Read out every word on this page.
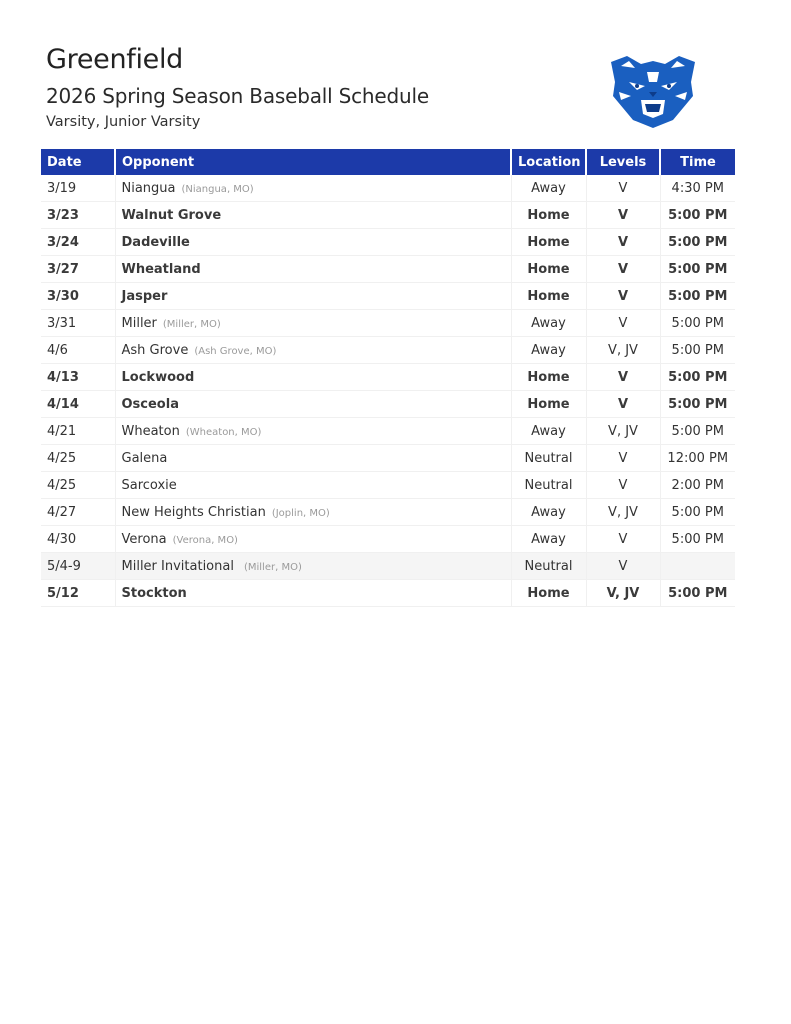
Greenfield
2026 Spring Season Baseball Schedule
Varsity, Junior Varsity
Date	Opponent	Location	Levels	Time
3/19	Niangua (Niangua, MO)	Away	V	4:30 PM
3/23	Walnut Grove	Home	V	5:00 PM
3/24	Dadeville	Home	V	5:00 PM
3/27	Wheatland	Home	V	5:00 PM
3/30	Jasper	Home	V	5:00 PM
3/31	Miller (Miller, MO)	Away	V	5:00 PM
4/6	Ash Grove (Ash Grove, MO)	Away	V, JV	5:00 PM
4/13	Lockwood	Home	V	5:00 PM
4/14	Osceola	Home	V	5:00 PM
4/21	Wheaton (Wheaton, MO)	Away	V, JV	5:00 PM
4/25	Galena	Neutral	V	12:00 PM
4/25	Sarcoxie	Neutral	V	2:00 PM
4/27	New Heights Christian (Joplin, MO)	Away	V, JV	5:00 PM
4/30	Verona (Verona, MO)	Away	V	5:00 PM
5/4-9	Miller Invitational (Miller, MO)	Neutral	V	
5/12	Stockton	Home	V, JV	5:00 PM
